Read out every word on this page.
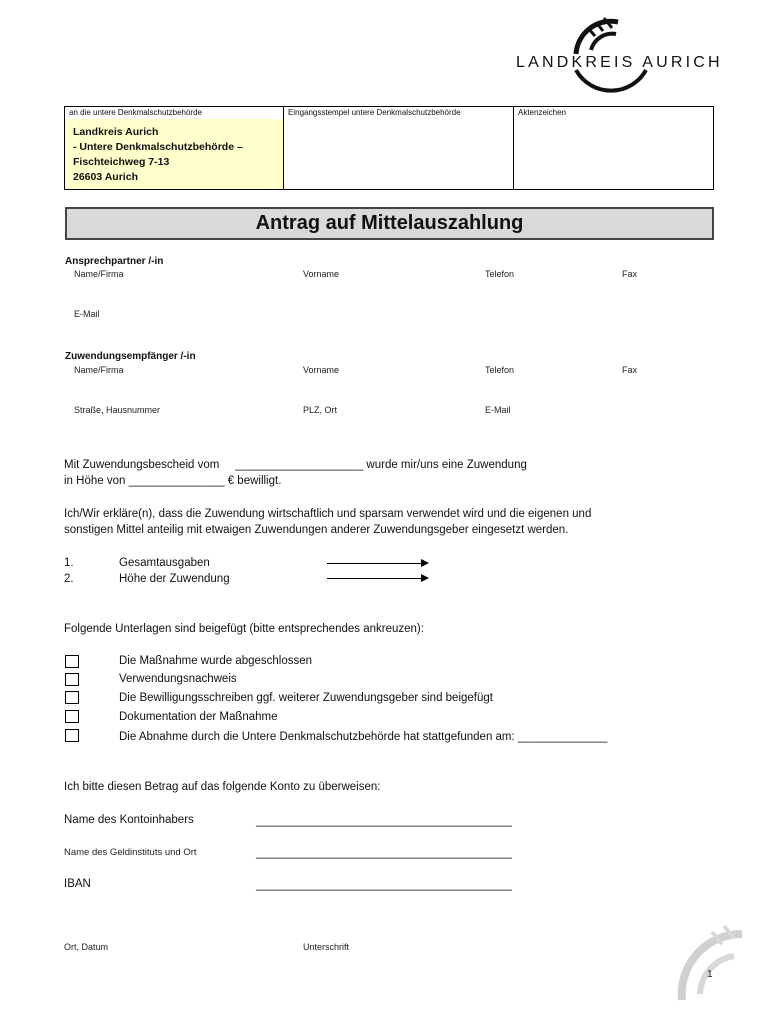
LANDKREIS AURICH
an die untere Denkmalschutzbehörde
Landkreis Aurich
- Untere Denkmalschutzbehörde –
Fischteichweg 7-13
26603 Aurich
Eingangsstempel untere Denkmalschutzbehörde	Aktenzeichen
Antrag auf Mittelauszahlung
Ansprechpartner /-in
Name/Firma	Vorname	Telefon	Fax
E-Mail
Zuwendungsempfänger /-in
Name/Firma	Vorname	Telefon	Fax
Straße, Hausnummer	PLZ, Ort	E-Mail
Mit Zuwendungsbescheid vom     ____________________ wurde mir/uns eine Zuwendung
in Höhe von _______________ € bewilligt.
Ich/Wir erkläre(n), dass die Zuwendung wirtschaftlich und sparsam verwendet wird und die eigenen und
sonstigen Mittel anteilig mit etwaigen Zuwendungen anderer Zuwendungsgeber eingesetzt werden.
1.	Gesamtausgaben
2.	Höhe der Zuwendung
Folgende Unterlagen sind beigefügt (bitte entsprechendes ankreuzen):
Die Maßnahme wurde abgeschlossen
Verwendungsnachweis
Die Bewilligungsschreiben ggf. weiterer Zuwendungsgeber sind beigefügt
Dokumentation der Maßnahme
Die Abnahme durch die Untere Denkmalschutzbehörde hat stattgefunden am: ______________
Ich bitte diesen Betrag auf das folgende Konto zu überweisen:
Name des Kontoinhabers	________________________________________
Name des Geldinstituts und Ort	________________________________________
IBAN	________________________________________
Ort, Datum	Unterschrift
1
